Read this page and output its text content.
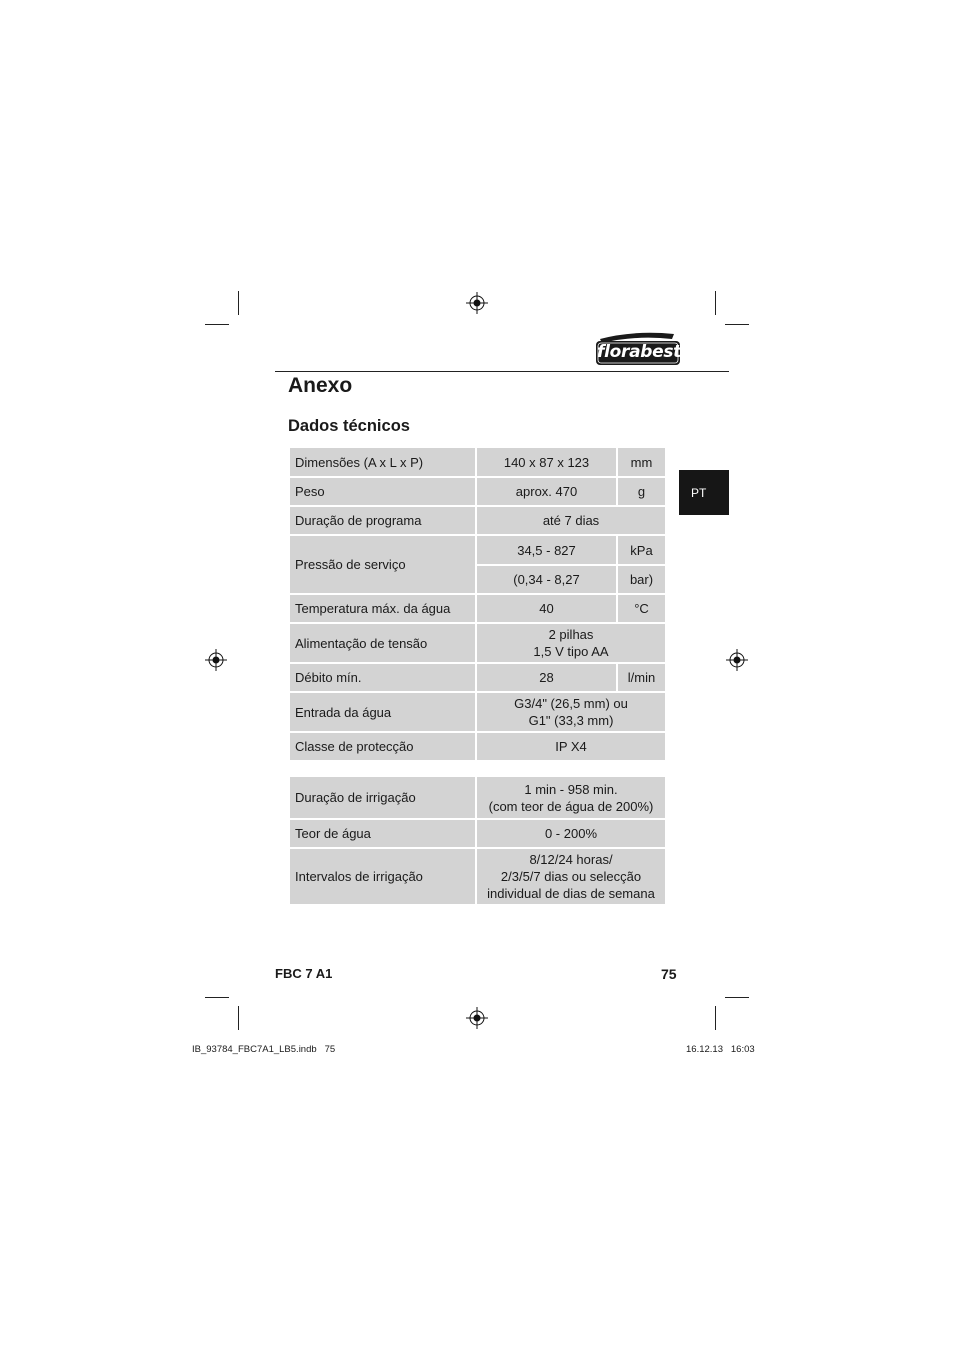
florabest
Anexo
Dados técnicos
PT
Dimensões (A x L x P)	140 x 87 x 123	mm
Peso	aprox. 470	g
Duração de programa	até 7 dias	
Pressão de serviço	34,5 - 827	kPa
	(0,34 - 8,27	bar)
Temperatura máx. da água	40	°C
Alimentação de tensão	2 pilhas
1,5 V tipo AA	

Débito mín.	28	l/min
Entrada da água	G3/4" (26,5 mm) ou
G1" (33,3 mm)	

Classe de protecção	IP X4	
Duração de irrigação	1 min - 958 min.
(com teor de água de 200%)

Teor de água	0 - 200%
Intervalos de irrigação	8/12/24 horas/
2/3/5/7 dias ou selecção
individual de dias de semana
FBC 7 A1	75
IB_93784_FBC7A1_LB5.indb   75	16.12.13   16:03
